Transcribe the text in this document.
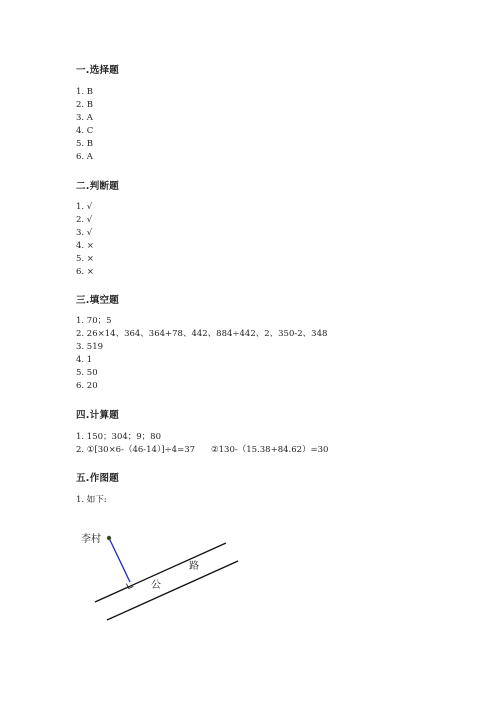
一.选择题
1. B
2. B
3. A
4. C
5. B
6. A
二.判断题
1. √
2. √
3. √
4. ×
5. ×
6. ×
三.填空题
1. 70；5
2. 26×14、364、364+78、442、884÷442、2、350-2、348
3. 519
4. 1
5. 50
6. 20
四.计算题
1. 150；304；9；80
2. ①[30×6-（46-14）]÷4=37 ②130-（15.38+84.62）=30
五.作图题
1. 如下:
李村
公
路
